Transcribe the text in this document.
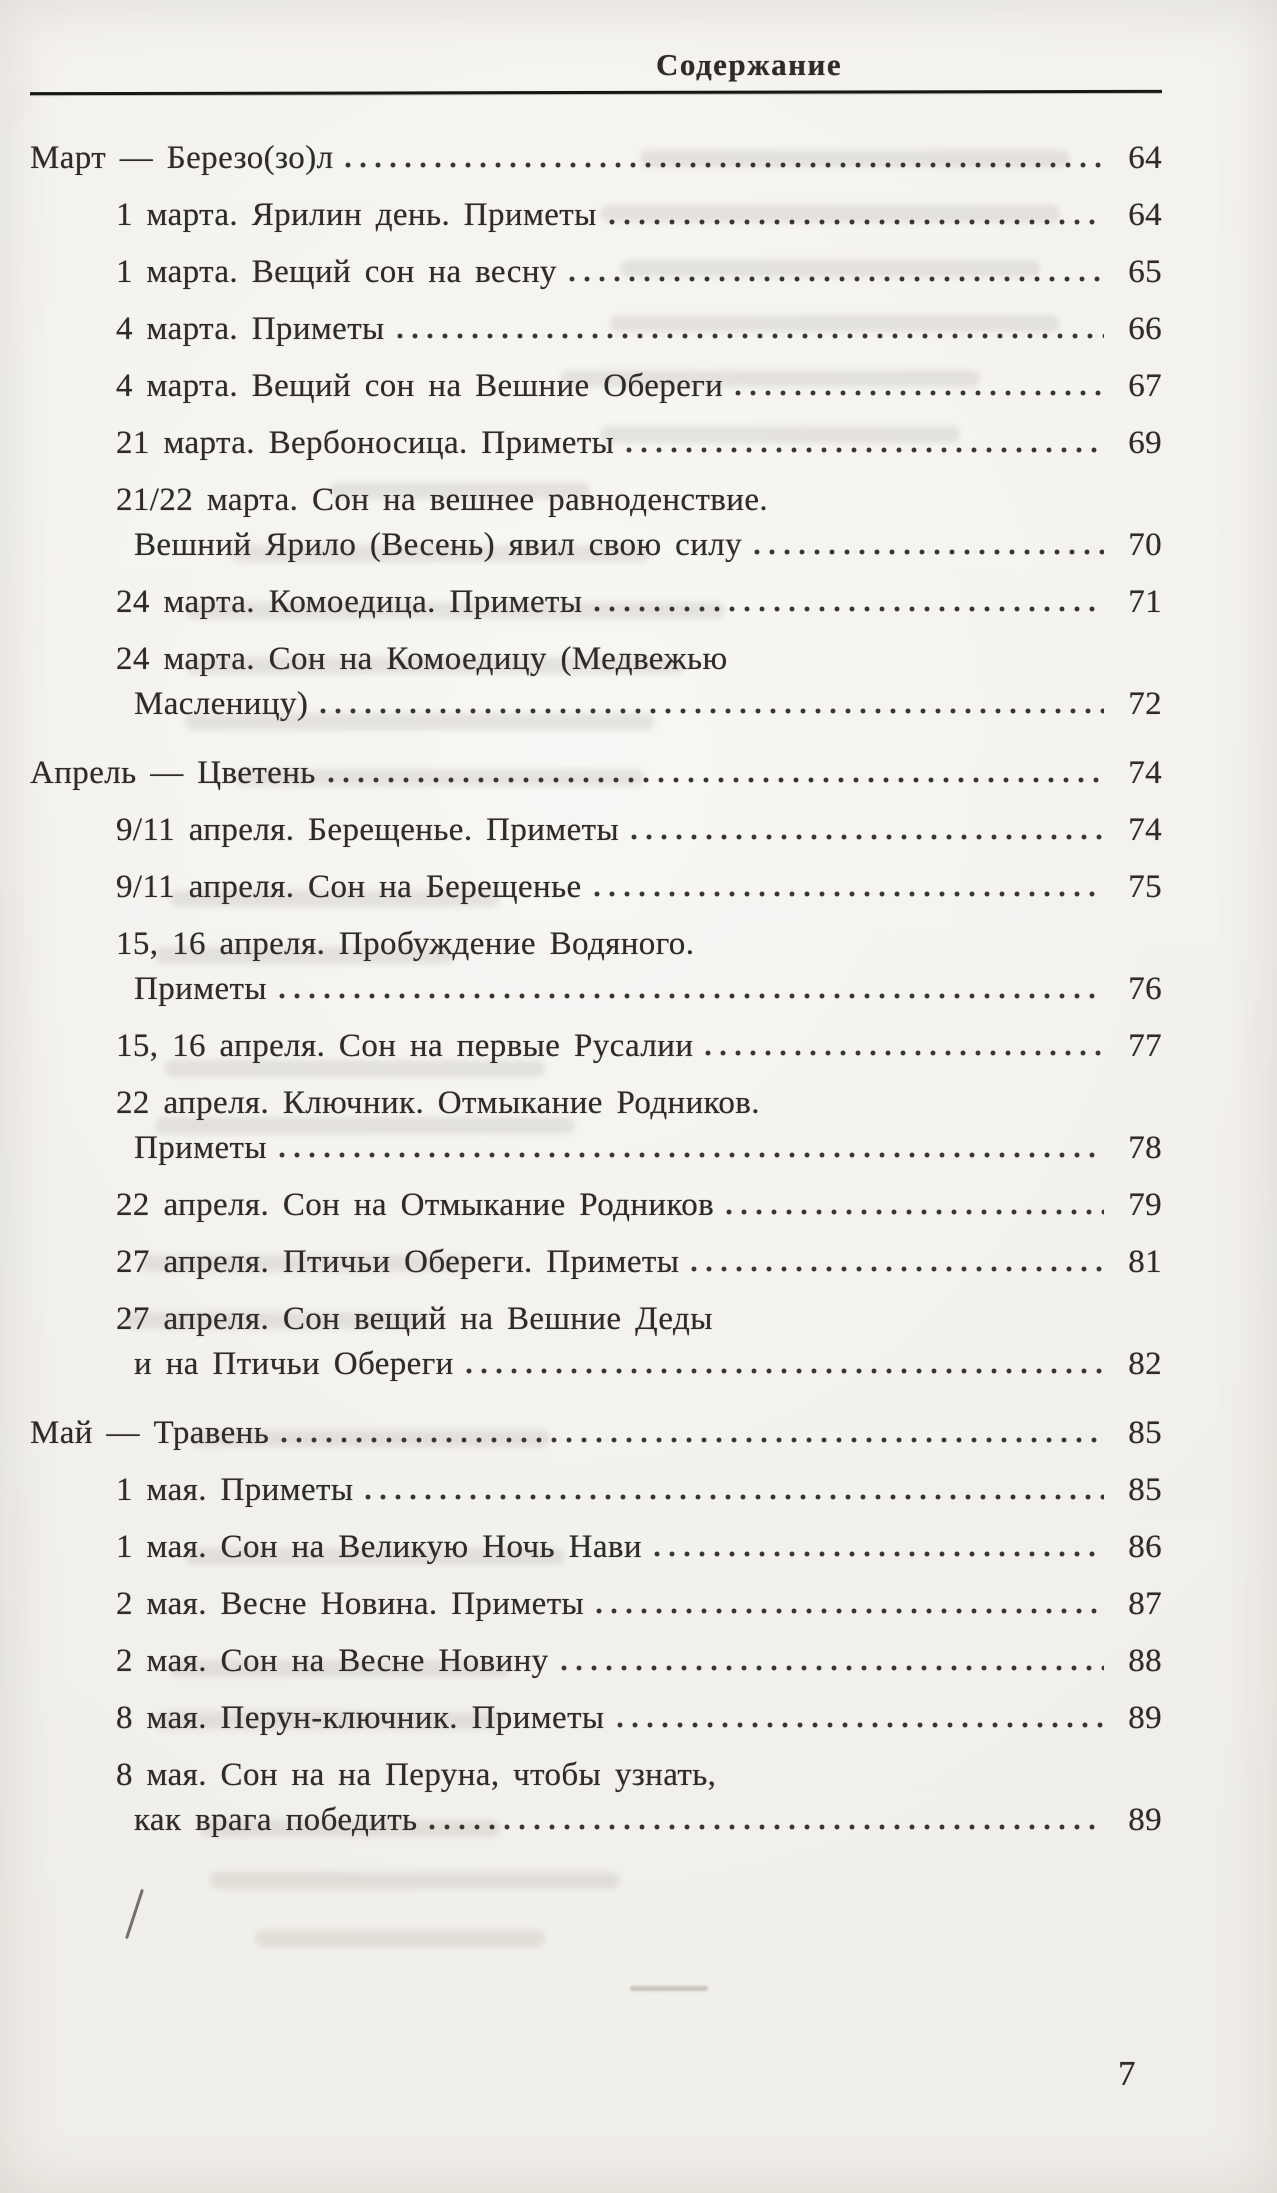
Содержание
Март — Березо(зо)л	64
1 марта. Ярилин день. Приметы	64
1 марта. Вещий сон на весну	65
4 марта. Приметы	66
4 марта. Вещий сон на Вешние Обереги	67
21 марта. Вербоносица. Приметы	69
21/22 марта. Сон на вешнее равноденствие.
Вешний Ярило (Весень) явил свою силу	70
24 марта. Комоедица. Приметы	71
24 марта. Сон на Комоедицу (Медвежью
Масленицу)	72
Апрель — Цветень	74
9/11 апреля. Берещенье. Приметы	74
9/11 апреля. Сон на Берещенье	75
15, 16 апреля. Пробуждение Водяного.
Приметы	76
15, 16 апреля. Сон на первые Русалии	77
22 апреля. Ключник. Отмыкание Родников.
Приметы	78
22 апреля. Сон на Отмыкание Родников	79
27 апреля. Птичьи Обереги. Приметы	81
27 апреля. Сон вещий на Вешние Деды
и на Птичьи Обереги	82
Май — Травень	85
1 мая. Приметы	85
1 мая. Сон на Великую Ночь Нави	86
2 мая. Весне Новина. Приметы	87
2 мая. Сон на Весне Новину	88
8 мая. Перун-ключник. Приметы	89
8 мая. Сон на на Перуна, чтобы узнать,
как врага победить	89
7
